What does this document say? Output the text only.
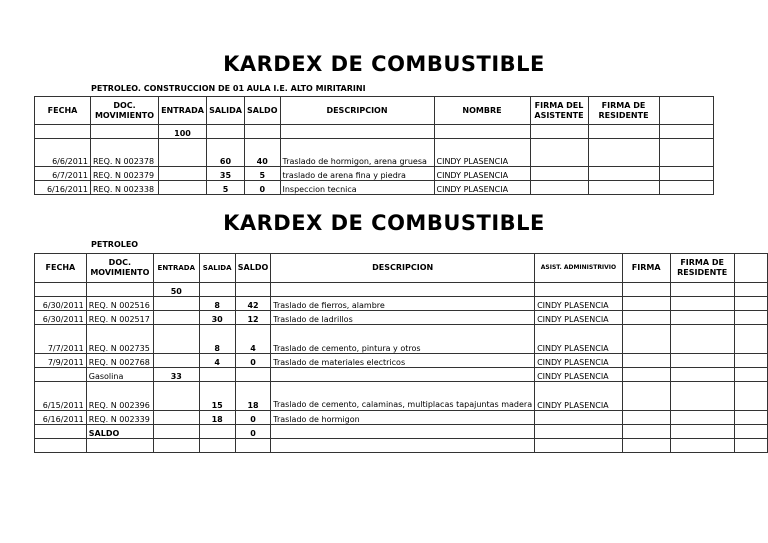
KARDEX DE COMBUSTIBLE
PETROLEO. CONSTRUCCION DE 01 AULA I.E. ALTO MIRITARINI
FECHA	DOC. MOVIMIENTO	ENTRADA	SALIDA	SALDO	DESCRIPCION	NOMBRE	FIRMA DEL ASISTENTE	FIRMA DE RESIDENTE	
		100							
6/6/2011	REQ. N 002378		60	40	Traslado de hormigon, arena gruesa	CINDY PLASENCIA			
6/7/2011	REQ. N 002379		35	5	traslado de arena fina y piedra	CINDY PLASENCIA			
6/16/2011	REQ. N 002338		5	0	Inspeccion tecnica	CINDY PLASENCIA			
KARDEX DE COMBUSTIBLE
PETROLEO
FECHA	DOC. MOVIMIENTO	ENTRADA	SALIDA	SALDO	DESCRIPCION	ASIST. ADMINISTRIVIO	FIRMA	FIRMA DE RESIDENTE	
		50							
6/30/2011	REQ. N 002516		8	42	Traslado de fierros, alambre	CINDY PLASENCIA			
6/30/2011	REQ. N 002517		30	12	Traslado de ladrillos	CINDY PLASENCIA			
7/7/2011	REQ. N 002735		8	4	Traslado de cemento, pintura y otros	CINDY PLASENCIA			
7/9/2011	REQ. N 002768		4	0	Traslado de materiales electricos	CINDY PLASENCIA			
	Gasolina	33				CINDY PLASENCIA			
6/15/2011	REQ. N 002396		15	18	Traslado de cemento, calaminas, multiplacas tapajuntas madera	CINDY PLASENCIA			
6/16/2011	REQ. N 002339		18	0	Traslado de hormigon				
	SALDO			0					
